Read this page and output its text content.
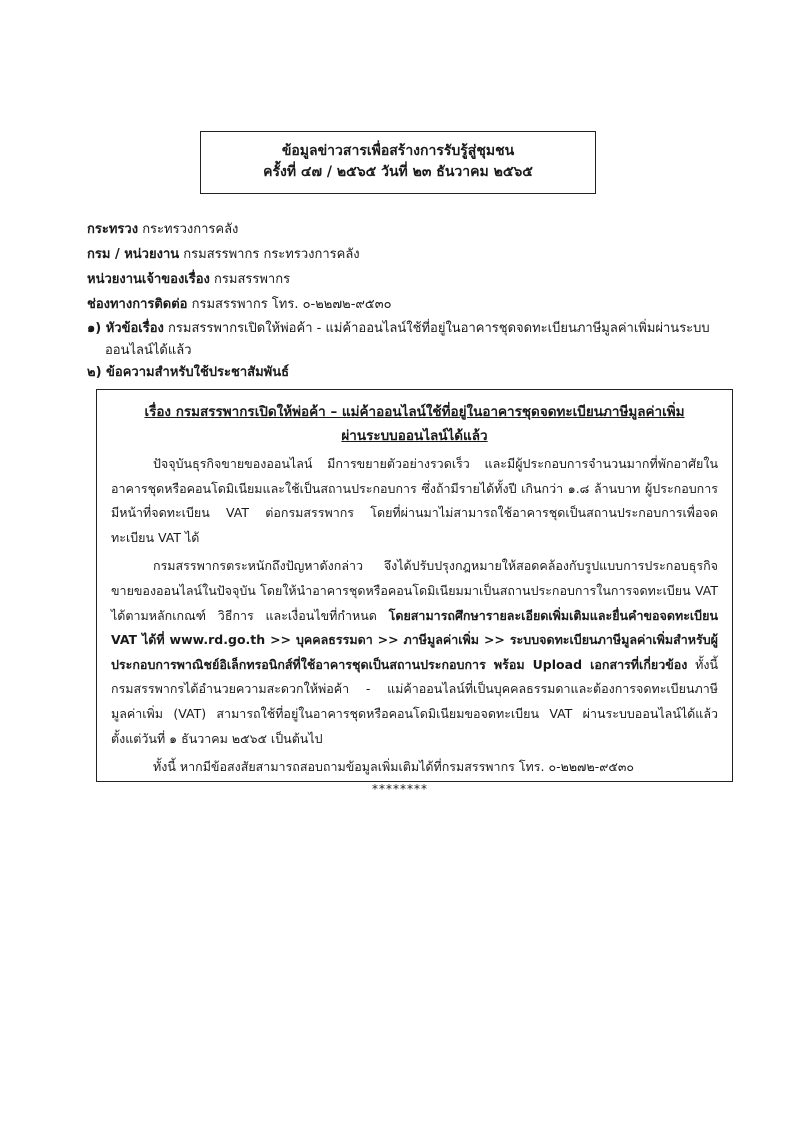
ข้อมูลข่าวสารเพื่อสร้างการรับรู้สู่ชุมชน
ครั้งที่ ๔๗ / ๒๕๖๕ วันที่ ๒๓ ธันวาคม ๒๕๖๕
กระทรวง กระทรวงการคลัง
กรม / หน่วยงาน กรมสรรพากร กระทรวงการคลัง
หน่วยงานเจ้าของเรื่อง กรมสรรพากร
ช่องทางการติดต่อ กรมสรรพากร โทร. ๐-๒๒๗๒-๙๕๓๐
๑) หัวข้อเรื่อง กรมสรรพากรเปิดให้พ่อค้า - แม่ค้าออนไลน์ใช้ที่อยู่ในอาคารชุดจดทะเบียนภาษีมูลค่าเพิ่มผ่านระบบ
ออนไลน์ได้แล้ว
๒) ข้อความสำหรับใช้ประชาสัมพันธ์
เรื่อง กรมสรรพากรเปิดให้พ่อค้า – แม่ค้าออนไลน์ใช้ที่อยู่ในอาคารชุดจดทะเบียนภาษีมูลค่าเพิ่ม
ผ่านระบบออนไลน์ได้แล้ว
ปัจจุบันธุรกิจขายของออนไลน์ มีการขยายตัวอย่างรวดเร็ว และมีผู้ประกอบการจำนวนมากที่พักอาศัยในอาคารชุดหรือคอนโดมิเนียมและใช้เป็นสถานประกอบการ ซึ่งถ้ามีรายได้ทั้งปี เกินกว่า ๑.๘ ล้านบาท ผู้ประกอบการมีหน้าที่จดทะเบียน VAT ต่อกรมสรรพากร โดยที่ผ่านมาไม่สามารถใช้อาคารชุดเป็นสถานประกอบการเพื่อจดทะเบียน VAT ได้
กรมสรรพากรตระหนักถึงปัญหาดังกล่าว จึงได้ปรับปรุงกฎหมายให้สอดคล้องกับรูปแบบการประกอบธุรกิจขายของออนไลน์ในปัจจุบัน โดยให้นำอาคารชุดหรือคอนโดมิเนียมมาเป็นสถานประกอบการในการจดทะเบียน VAT ได้ตามหลักเกณฑ์ วิธีการ และเงื่อนไขที่กำหนด โดยสามารถศึกษารายละเอียดเพิ่มเติมและยื่นคำขอจดทะเบียน VAT ได้ที่ www.rd.go.th >> บุคคลธรรมดา >> ภาษีมูลค่าเพิ่ม >> ระบบจดทะเบียนภาษีมูลค่าเพิ่มสำหรับผู้ประกอบการพาณิชย์อิเล็กทรอนิกส์ที่ใช้อาคารชุดเป็นสถานประกอบการ พร้อม Upload เอกสารที่เกี่ยวข้อง ทั้งนี้ กรมสรรพากรได้อำนวยความสะดวกให้พ่อค้า - แม่ค้าออนไลน์ที่เป็นบุคคลธรรมดาและต้องการจดทะเบียนภาษีมูลค่าเพิ่ม (VAT) สามารถใช้ที่อยู่ในอาคารชุดหรือคอนโดมิเนียมขอจดทะเบียน VAT ผ่านระบบออนไลน์ได้แล้ว ตั้งแต่วันที่ ๑ ธันวาคม ๒๕๖๕ เป็นต้นไป
ทั้งนี้ หากมีข้อสงสัยสามารถสอบถามข้อมูลเพิ่มเติมได้ที่กรมสรรพากร โทร. ๐-๒๒๗๒-๙๕๓๐
********
